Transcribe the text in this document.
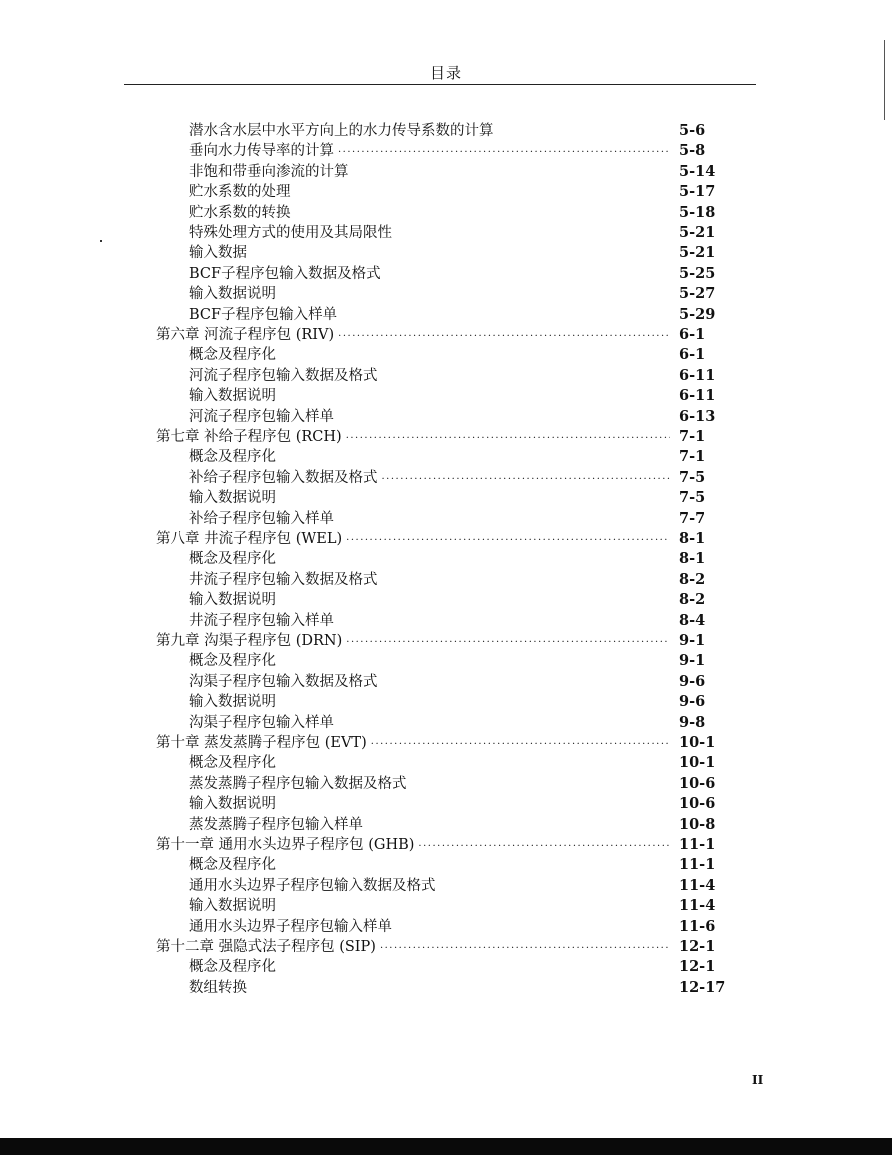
目录
潜水含水层中水平方向上的水力传导系数的计算	5-6
垂向水力传导率的计算 ·····	5-8
非饱和带垂向渗流的计算	5-14
贮水系数的处理	5-17
贮水系数的转换	5-18
特殊处理方式的使用及其局限性	5-21
输入数据	5-21
BCF子程序包输入数据及格式	5-25
输入数据说明	5-27
BCF子程序包输入样单	5-29
第六章 河流子程序包 (RIV) ·····	6-1
概念及程序化	6-1
河流子程序包输入数据及格式	6-11
输入数据说明	6-11
河流子程序包输入样单	6-13
第七章 补给子程序包 (RCH) ·····	7-1
概念及程序化	7-1
补给子程序包输入数据及格式 ·····	7-5
输入数据说明	7-5
补给子程序包输入样单	7-7
第八章 井流子程序包 (WEL) ·····	8-1
概念及程序化	8-1
井流子程序包输入数据及格式	8-2
输入数据说明	8-2
井流子程序包输入样单	8-4
第九章 沟渠子程序包 (DRN) ·····	9-1
概念及程序化	9-1
沟渠子程序包输入数据及格式	9-6
输入数据说明	9-6
沟渠子程序包输入样单	9-8
第十章 蒸发蒸腾子程序包 (EVT) ·····	10-1
概念及程序化	10-1
蒸发蒸腾子程序包输入数据及格式	10-6
输入数据说明	10-6
蒸发蒸腾子程序包输入样单	10-8
第十一章 通用水头边界子程序包 (GHB) ·····	11-1
概念及程序化	11-1
通用水头边界子程序包输入数据及格式	11-4
输入数据说明	11-4
通用水头边界子程序包输入样单	11-6
第十二章 强隐式法子程序包 (SIP) ·····	12-1
概念及程序化	12-1
数组转换	12-17
II
